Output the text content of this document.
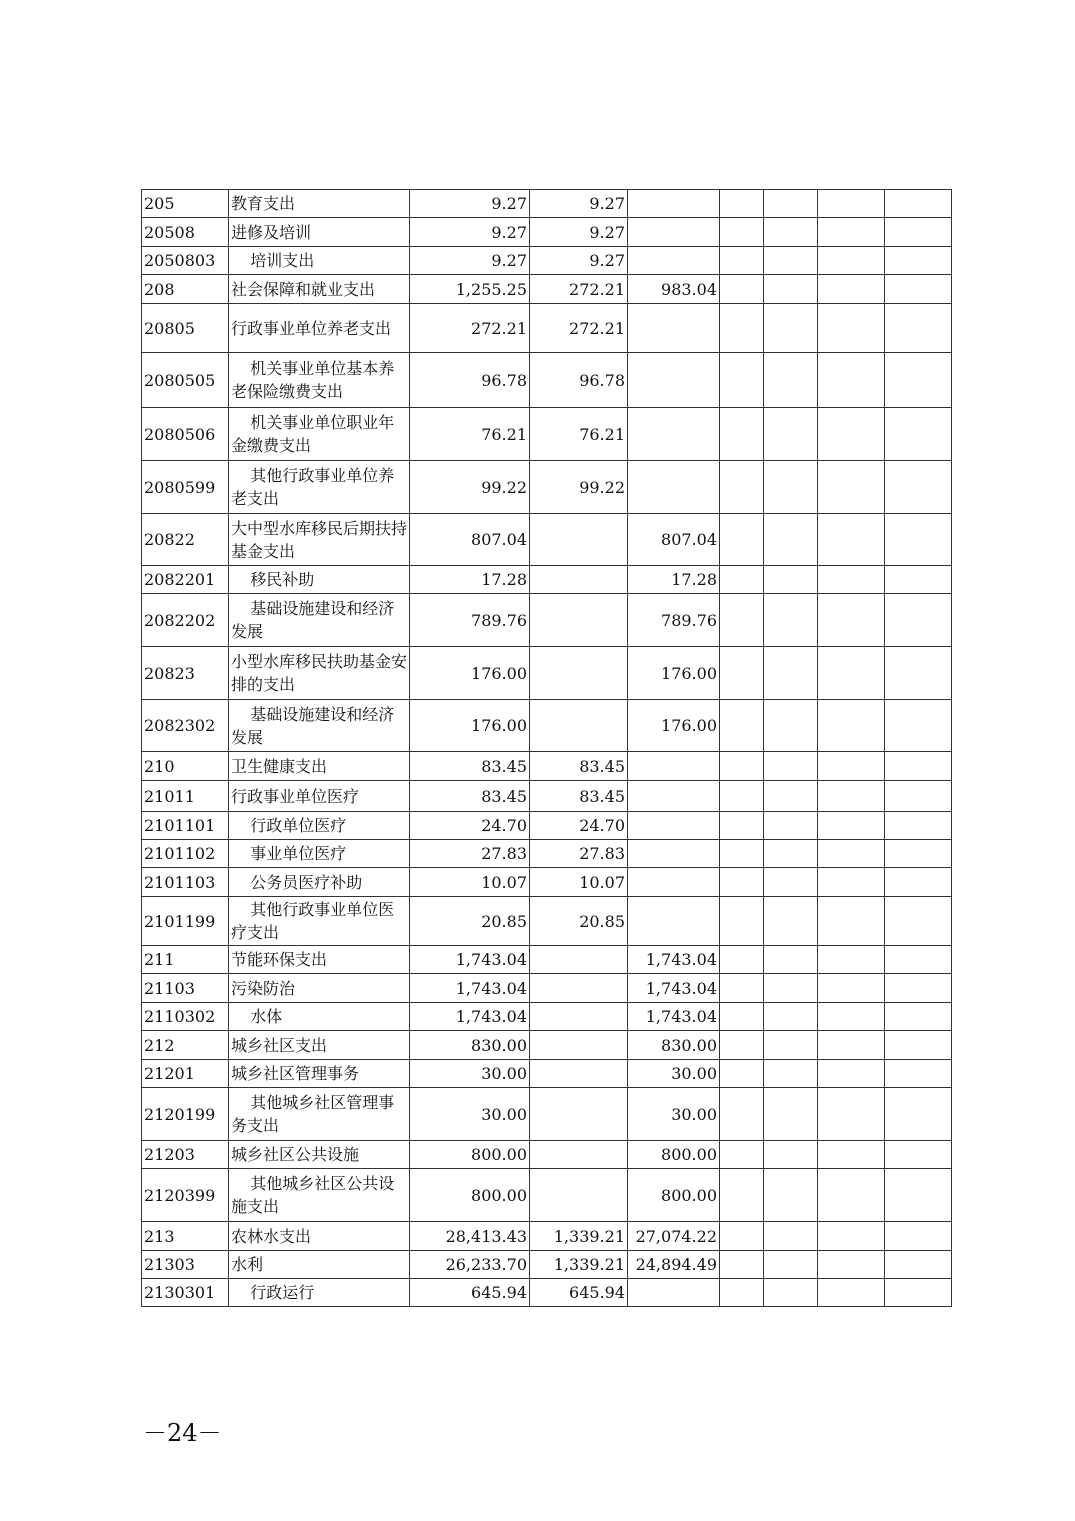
205	教育支出	9.27	9.27					
20508	进修及培训	9.27	9.27					
2050803	培训支出	9.27	9.27					
208	社会保障和就业支出	1,255.25	272.21	983.04				
20805	行政事业单位养老支出	272.21	272.21					
2080505	机关事业单位基本养老保险缴费支出	96.78	96.78					
2080506	机关事业单位职业年金缴费支出	76.21	76.21					
2080599	其他行政事业单位养老支出	99.22	99.22					
20822	大中型水库移民后期扶持基金支出	807.04		807.04				
2082201	移民补助	17.28		17.28				
2082202	基础设施建设和经济发展	789.76		789.76				
20823	小型水库移民扶助基金安排的支出	176.00		176.00				
2082302	基础设施建设和经济发展	176.00		176.00				
210	卫生健康支出	83.45	83.45					
21011	行政事业单位医疗	83.45	83.45					
2101101	行政单位医疗	24.70	24.70					
2101102	事业单位医疗	27.83	27.83					
2101103	公务员医疗补助	10.07	10.07					
2101199	其他行政事业单位医疗支出	20.85	20.85					
211	节能环保支出	1,743.04		1,743.04				
21103	污染防治	1,743.04		1,743.04				
2110302	水体	1,743.04		1,743.04				
212	城乡社区支出	830.00		830.00				
21201	城乡社区管理事务	30.00		30.00				
2120199	其他城乡社区管理事务支出	30.00		30.00				
21203	城乡社区公共设施	800.00		800.00				
2120399	其他城乡社区公共设施支出	800.00		800.00				
213	农林水支出	28,413.43	1,339.21	27,074.22				
21303	水利	26,233.70	1,339.21	24,894.49				
2130301	行政运行	645.94	645.94					
－24－
